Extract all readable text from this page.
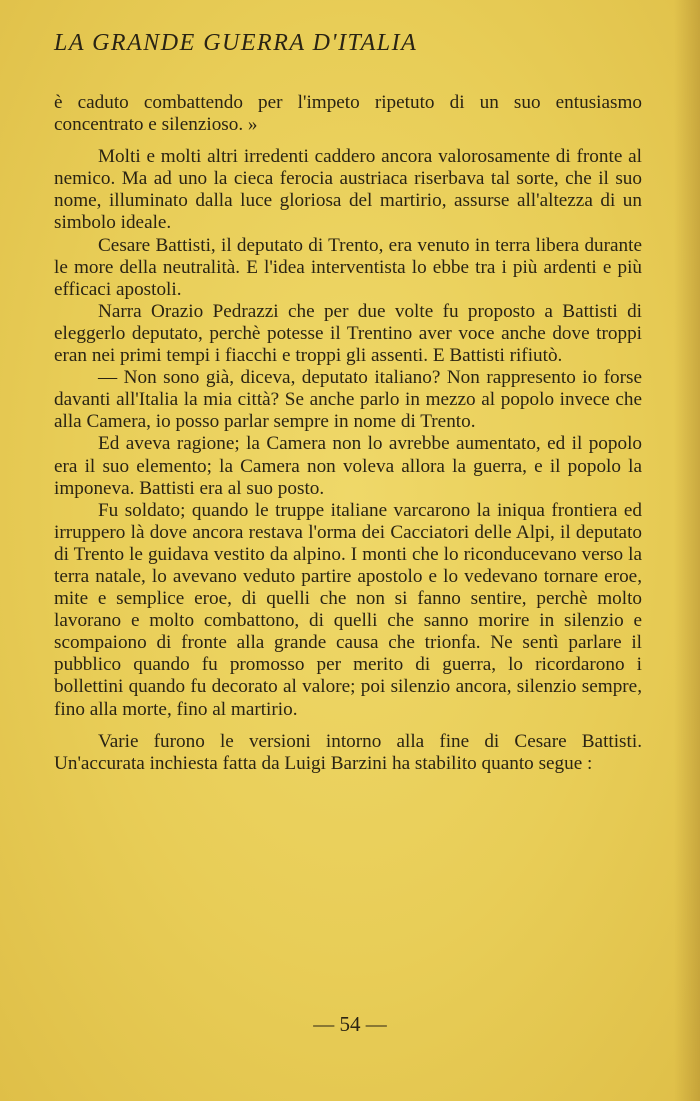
LA GRANDE GUERRA D'ITALIA

è caduto combattendo per l'impeto ripetuto di un suo entusiasmo concentrato e silenzioso. »

Molti e molti altri irredenti caddero ancora valorosamente di fronte al nemico. Ma ad uno la cieca ferocia austriaca riserbava tal sorte, che il suo nome, illuminato dalla luce gloriosa del martirio, assurse all'altezza di un simbolo ideale.

Cesare Battisti, il deputato di Trento, era venuto in terra libera durante le more della neutralità. E l'idea interventista lo ebbe tra i più ardenti e più efficaci apostoli.

Narra Orazio Pedrazzi che per due volte fu proposto a Battisti di eleggerlo deputato, perchè potesse il Trentino aver voce anche dove troppi eran nei primi tempi i fiacchi e troppi gli assenti. E Battisti rifiutò.

— Non sono già, diceva, deputato italiano? Non rappresento io forse davanti all'Italia la mia città? Se anche parlo in mezzo al popolo invece che alla Camera, io posso parlar sempre in nome di Trento.

Ed aveva ragione; la Camera non lo avrebbe aumentato, ed il popolo era il suo elemento; la Camera non voleva allora la guerra, e il popolo la imponeva. Battisti era al suo posto.

Fu soldato; quando le truppe italiane varcarono la iniqua frontiera ed irruppero là dove ancora restava l'orma dei Cacciatori delle Alpi, il deputato di Trento le guidava vestito da alpino. I monti che lo riconducevano verso la terra natale, lo avevano veduto partire apostolo e lo vedevano tornare eroe, mite e semplice eroe, di quelli che non si fanno sentire, perchè molto lavorano e molto combattono, di quelli che sanno morire in silenzio e scompaiono di fronte alla grande causa che trionfa. Ne sentì parlare il pubblico quando fu promosso per merito di guerra, lo ricordarono i bollettini quando fu decorato al valore; poi silenzio ancora, silenzio sempre, fino alla morte, fino al martirio.

Varie furono le versioni intorno alla fine di Cesare Battisti. Un'accurata inchiesta fatta da Luigi Barzini ha stabilito quanto segue :

— 54 —
